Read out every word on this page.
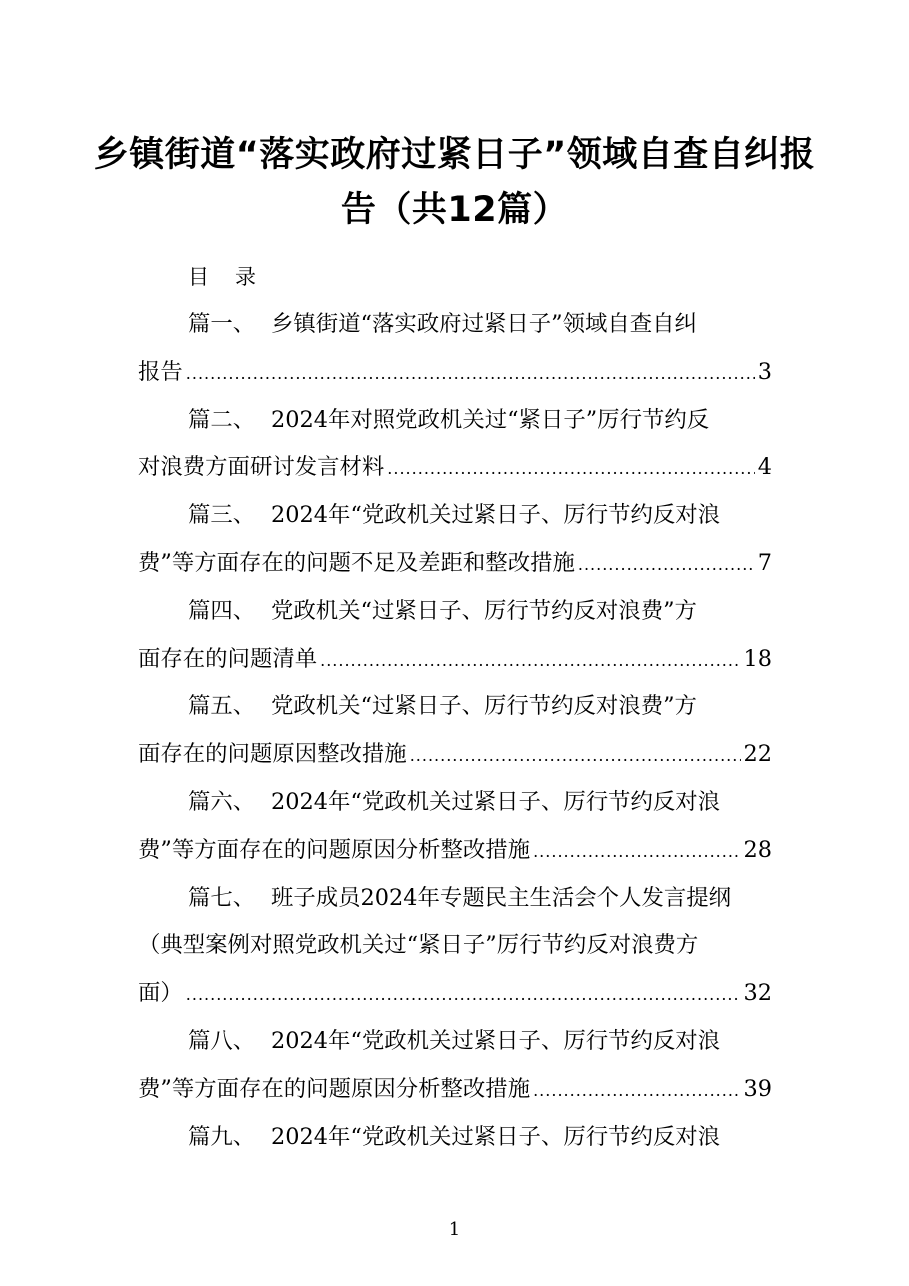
乡镇街道“落实政府过紧日子”领域自查自纠报告（共12篇）
目录
篇一、 乡镇街道“落实政府过紧日子”领域自查自纠
报告 .....	3
篇二、 2024年对照党政机关过“紧日子”厉行节约反
对浪费方面研讨发言材料 .....	4
篇三、 2024年“党政机关过紧日子、厉行节约反对浪
费”等方面存在的问题不足及差距和整改措施 .....	7
篇四、 党政机关“过紧日子、厉行节约反对浪费”方
面存在的问题清单 .....	18
篇五、 党政机关“过紧日子、厉行节约反对浪费”方
面存在的问题原因整改措施 .....	22
篇六、 2024年“党政机关过紧日子、厉行节约反对浪
费”等方面存在的问题原因分析整改措施 .....	28
篇七、 班子成员2024年专题民主生活会个人发言提纲
（典型案例对照党政机关过“紧日子”厉行节约反对浪费方
面） .....	32
篇八、 2024年“党政机关过紧日子、厉行节约反对浪
费”等方面存在的问题原因分析整改措施 .....	39
篇九、 2024年“党政机关过紧日子、厉行节约反对浪
1
